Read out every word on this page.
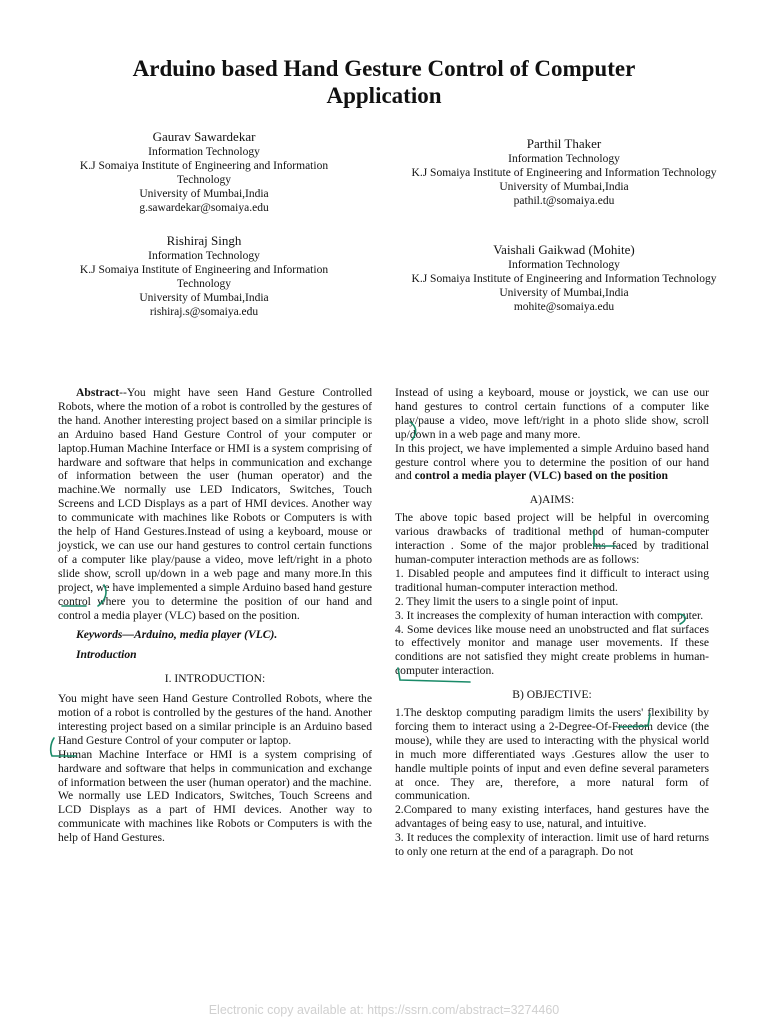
Arduino based Hand Gesture Control of Computer
Application
Gaurav Sawardekar
Information Technology
K.J Somaiya Institute of Engineering and Information Technology
University of Mumbai,India
g.sawardekar@somaiya.edu
Rishiraj Singh
Information Technology
K.J Somaiya Institute of Engineering and Information Technology
University of Mumbai,India
rishiraj.s@somaiya.edu
Parthil Thaker
Information Technology
K.J Somaiya Institute of Engineering and Information Technology
University of Mumbai,India
pathil.t@somaiya.edu
Vaishali Gaikwad (Mohite)
Information Technology
K.J Somaiya Institute of Engineering and Information Technology
University of Mumbai,India
mohite@somaiya.edu

Abstract--You might have seen Hand Gesture Controlled Robots, where the motion of a robot is controlled by the gestures of the hand. Another interesting project based on a similar principle is an Arduino based Hand Gesture Control of your computer or laptop.Human Machine Interface or HMI is a system comprising of hardware and software that helps in communication and exchange of information between the user (human operator) and the machine.We normally use LED Indicators, Switches, Touch Screens and LCD Displays as a part of HMI devices. Another way to communicate with machines like Robots or Computers is with the help of Hand Gestures.Instead of using a keyboard, mouse or joystick, we can use our hand gestures to control certain functions of a computer like play/pause a video, move left/right in a photo slide show, scroll up/down in a web page and many more.In this project, we have implemented a simple Arduino based hand gesture control where you to determine the position of our hand and control a media player (VLC) based on the position.

Keywords—Arduino, media player (VLC).

Introduction

I. INTRODUCTION:

You might have seen Hand Gesture Controlled Robots, where the motion of a robot is controlled by the gestures of the hand. Another interesting project based on a similar principle is an Arduino based Hand Gesture Control of your computer or laptop.

Human Machine Interface or HMI is a system comprising of hardware and software that helps in communication and exchange of information between the user (human operator) and the machine.

We normally use LED Indicators, Switches, Touch Screens and LCD Displays as a part of HMI devices. Another way to communicate with machines like Robots or Computers is with the help of Hand Gestures.

Instead of using a keyboard, mouse or joystick, we can use our hand gestures to control certain functions of a computer like play/pause a video, move left/right in a photo slide show, scroll up/down in a web page and many more.

In this project, we have implemented a simple Arduino based hand gesture control where you to determine the position of our hand and control a media player (VLC) based on the position

A)AIMS:

The above topic based project will be helpful in overcoming various drawbacks of traditional method of human-computer interaction . Some of the major problems faced by traditional human-computer interaction methods are as follows:

1. Disabled people and amputees find it difficult to interact using traditional human-computer interaction method.

2. They limit the users to a single point of input.

3. It increases the complexity of human interaction with computer.

4. Some devices like mouse need an unobstructed and flat surfaces to effectively monitor and manage user movements. If these conditions are not satisfied they might create problems in human-computer interaction.

B) OBJECTIVE:

1.The desktop computing paradigm limits the users' flexibility by forcing them to interact using a 2-Degree-Of-Freedom device (the mouse), while they are used to interacting with the physical world in much more differentiated ways .Gestures allow the user to handle multiple points of input and even define several parameters at once. They are, therefore, a more natural form of communication.

2.Compared to many existing interfaces, hand gestures have the advantages of being easy to use, natural, and intuitive.

3. It reduces the complexity of interaction. limit use of hard returns to only one return at the end of a paragraph. Do not

Electronic copy available at: https://ssrn.com/abstract=3274460
